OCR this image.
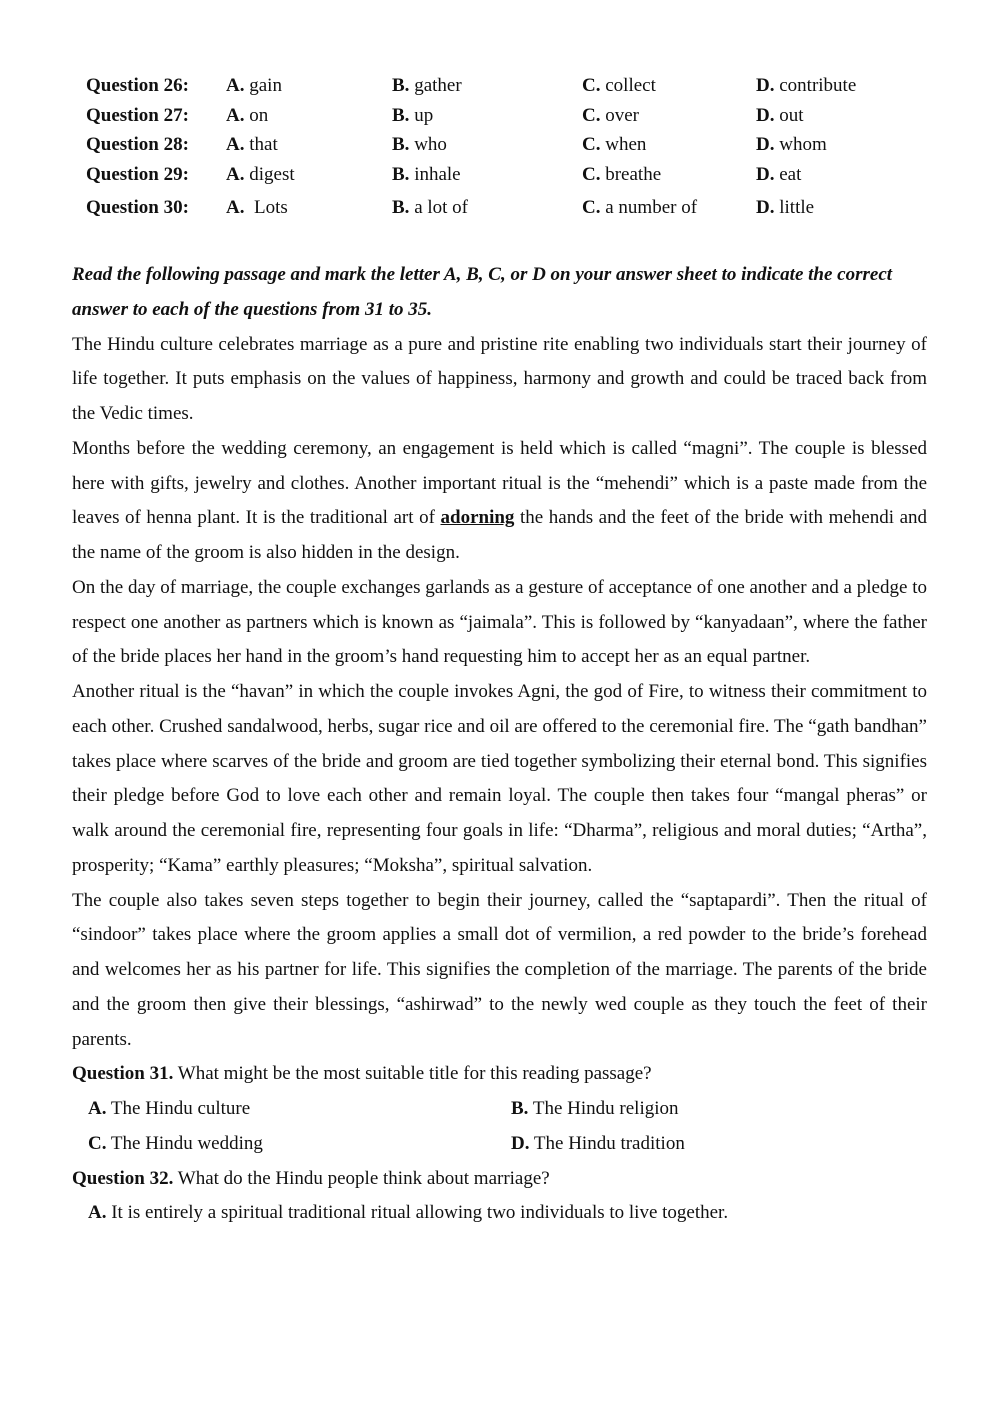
Question 26: A. gain	B. gather	C. collect	D. contribute
Question 27: A. on	B. up	C. over	D. out
Question 28: A. that	B. who	C. when	D. whom
Question 29: A. digest	B. inhale	C. breathe	D. eat
Question 30: A.  Lots	B. a lot of	C. a number of	D. little

Read the following passage and mark the letter A, B, C, or D on your answer sheet to indicate the correct answer to each of the questions from 31 to 35.

The Hindu culture celebrates marriage as a pure and pristine rite enabling two individuals start their journey of life together. It puts emphasis on the values of happiness, harmony and growth and could be traced back from the Vedic times.

Months before the wedding ceremony, an engagement is held which is called “magni”. The couple is blessed here with gifts, jewelry and clothes. Another important ritual is the “mehendi” which is a paste made from the leaves of henna plant. It is the traditional art of adorning the hands and the feet of the bride with mehendi and the name of the groom is also hidden in the design.

On the day of marriage, the couple exchanges garlands as a gesture of acceptance of one another and a pledge to respect one another as partners which is known as “jaimala”. This is followed by “kanyadaan”, where the father of the bride places her hand in the groom’s hand requesting him to accept her as an equal partner.

Another ritual is the “havan” in which the couple invokes Agni, the god of Fire, to witness their commitment to each other. Crushed sandalwood, herbs, sugar rice and oil are offered to the ceremonial fire. The “gath bandhan” takes place where scarves of the bride and groom are tied together symbolizing their eternal bond. This signifies their pledge before God to love each other and remain loyal. The couple then takes four “mangal pheras” or walk around the ceremonial fire, representing four goals in life: “Dharma”, religious and moral duties; “Artha”, prosperity; “Kama” earthly pleasures; “Moksha”, spiritual salvation.

The couple also takes seven steps together to begin their journey, called the “saptapardi”. Then the ritual of “sindoor” takes place where the groom applies a small dot of vermilion, a red powder to the bride’s forehead and welcomes her as his partner for life. This signifies the completion of the marriage. The parents of the bride and the groom then give their blessings, “ashirwad” to the newly wed couple as they touch the feet of their parents.

Question 31. What might be the most suitable title for this reading passage?

A. The Hindu culture	B. The Hindu religion
C. The Hindu wedding	D. The Hindu tradition

Question 32. What do the Hindu people think about marriage?

A. It is entirely a spiritual traditional ritual allowing two individuals to live together.
